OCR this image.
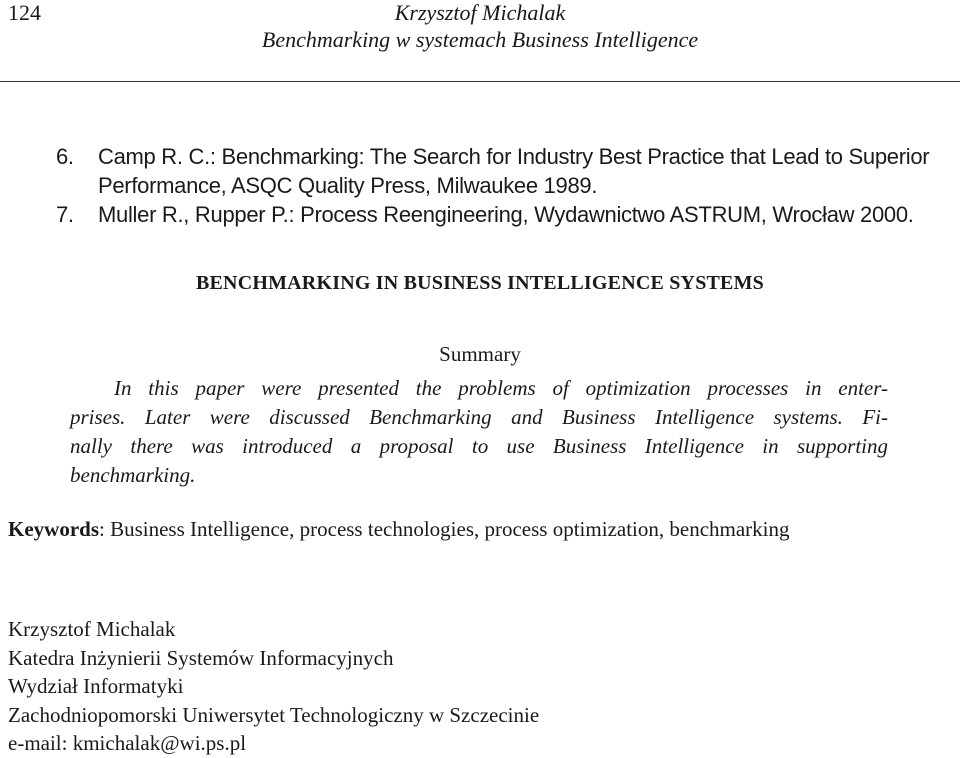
124	Krzysztof Michalak
Benchmarking w systemach Business Intelligence
6.	Camp R. C.: Benchmarking: The Search for Industry Best Practice that Lead to Superior Performance, ASQC Quality Press, Milwaukee 1989.
7.	Muller R., Rupper P.: Process Reengineering, Wydawnictwo ASTRUM, Wrocław 2000.
BENCHMARKING IN BUSINESS INTELLIGENCE SYSTEMS
Summary
In this paper were presented the problems of optimization processes in enter-
prises. Later were discussed Benchmarking and Business Intelligence systems. Fi-
nally there was introduced a proposal to use Business Intelligence in supporting
benchmarking.
Keywords: Business Intelligence, process technologies, process optimization, benchmarking
Krzysztof Michalak
Katedra Inżynierii Systemów Informacyjnych
Wydział Informatyki
Zachodniopomorski Uniwersytet Technologiczny w Szczecinie
e-mail: kmichalak@wi.ps.pl
